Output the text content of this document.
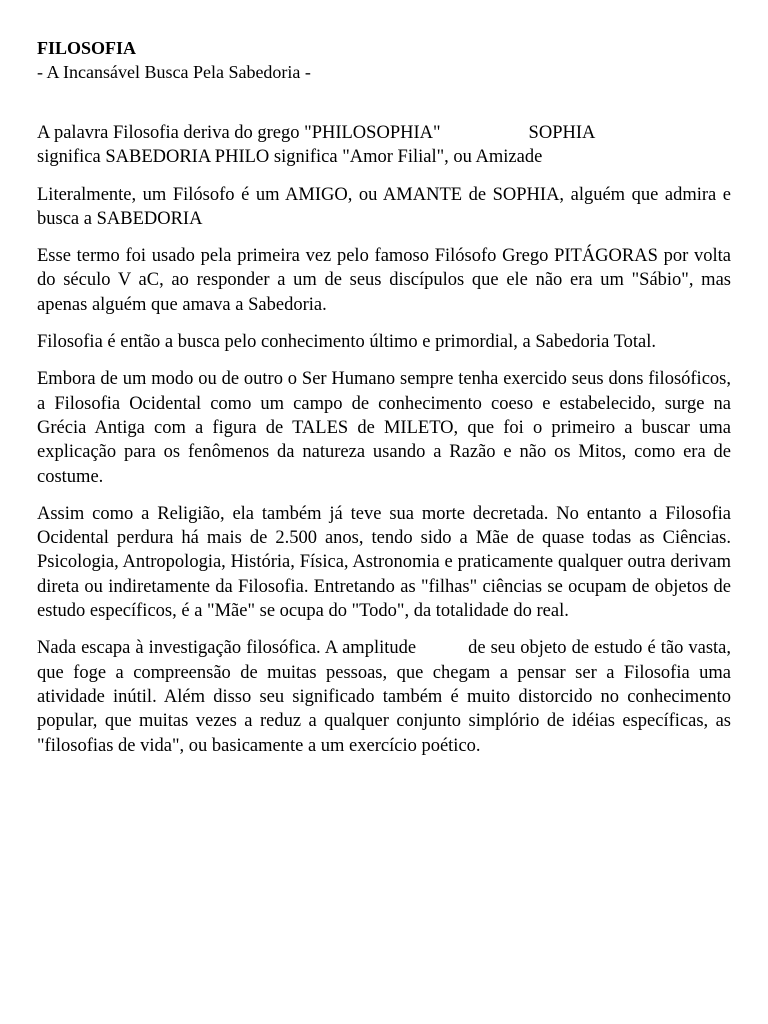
FILOSOFIA

- A Incansável Busca Pela Sabedoria -

A palavra Filosofia deriva do grego "PHILOSOPHIA"	SOPHIA
significa SABEDORIA PHILO significa "Amor Filial", ou Amizade

Literalmente, um Filósofo é um AMIGO, ou AMANTE de SOPHIA, alguém que admira e busca a SABEDORIA

Esse termo foi usado pela primeira vez pelo famoso Filósofo Grego PITÁGORAS por volta do século V aC, ao responder a um de seus discípulos que ele não era um "Sábio", mas apenas alguém que amava a Sabedoria.

Filosofia é então a busca pelo conhecimento último e primordial, a Sabedoria Total.

Embora de um modo ou de outro o Ser Humano sempre tenha exercido seus dons filosóficos, a Filosofia Ocidental como um campo de conhecimento coeso e estabelecido, surge na Grécia Antiga com a figura de TALES de MILETO, que foi o primeiro a buscar uma explicação para os fenômenos da natureza usando a Razão e não os Mitos, como era de costume.

Assim como a Religião, ela também já teve sua morte decretada. No entanto a Filosofia Ocidental perdura há mais de 2.500 anos, tendo sido a Mãe de quase todas as Ciências. Psicologia, Antropologia, História, Física, Astronomia e praticamente qualquer outra derivam direta ou indiretamente da Filosofia. Entretando as "filhas" ciências se ocupam de objetos de estudo específicos, é a "Mãe" se ocupa do "Todo", da totalidade do real.

Nada escapa à investigação filosófica. A amplitude	de seu objeto de estudo é tão vasta, que foge a compreensão de muitas pessoas, que chegam a pensar ser a Filosofia uma atividade inútil. Além disso seu significado também é muito distorcido no conhecimento popular, que muitas vezes a reduz a qualquer conjunto simplório de idéias específicas, as "filosofias de vida", ou basicamente a um exercício poético.
